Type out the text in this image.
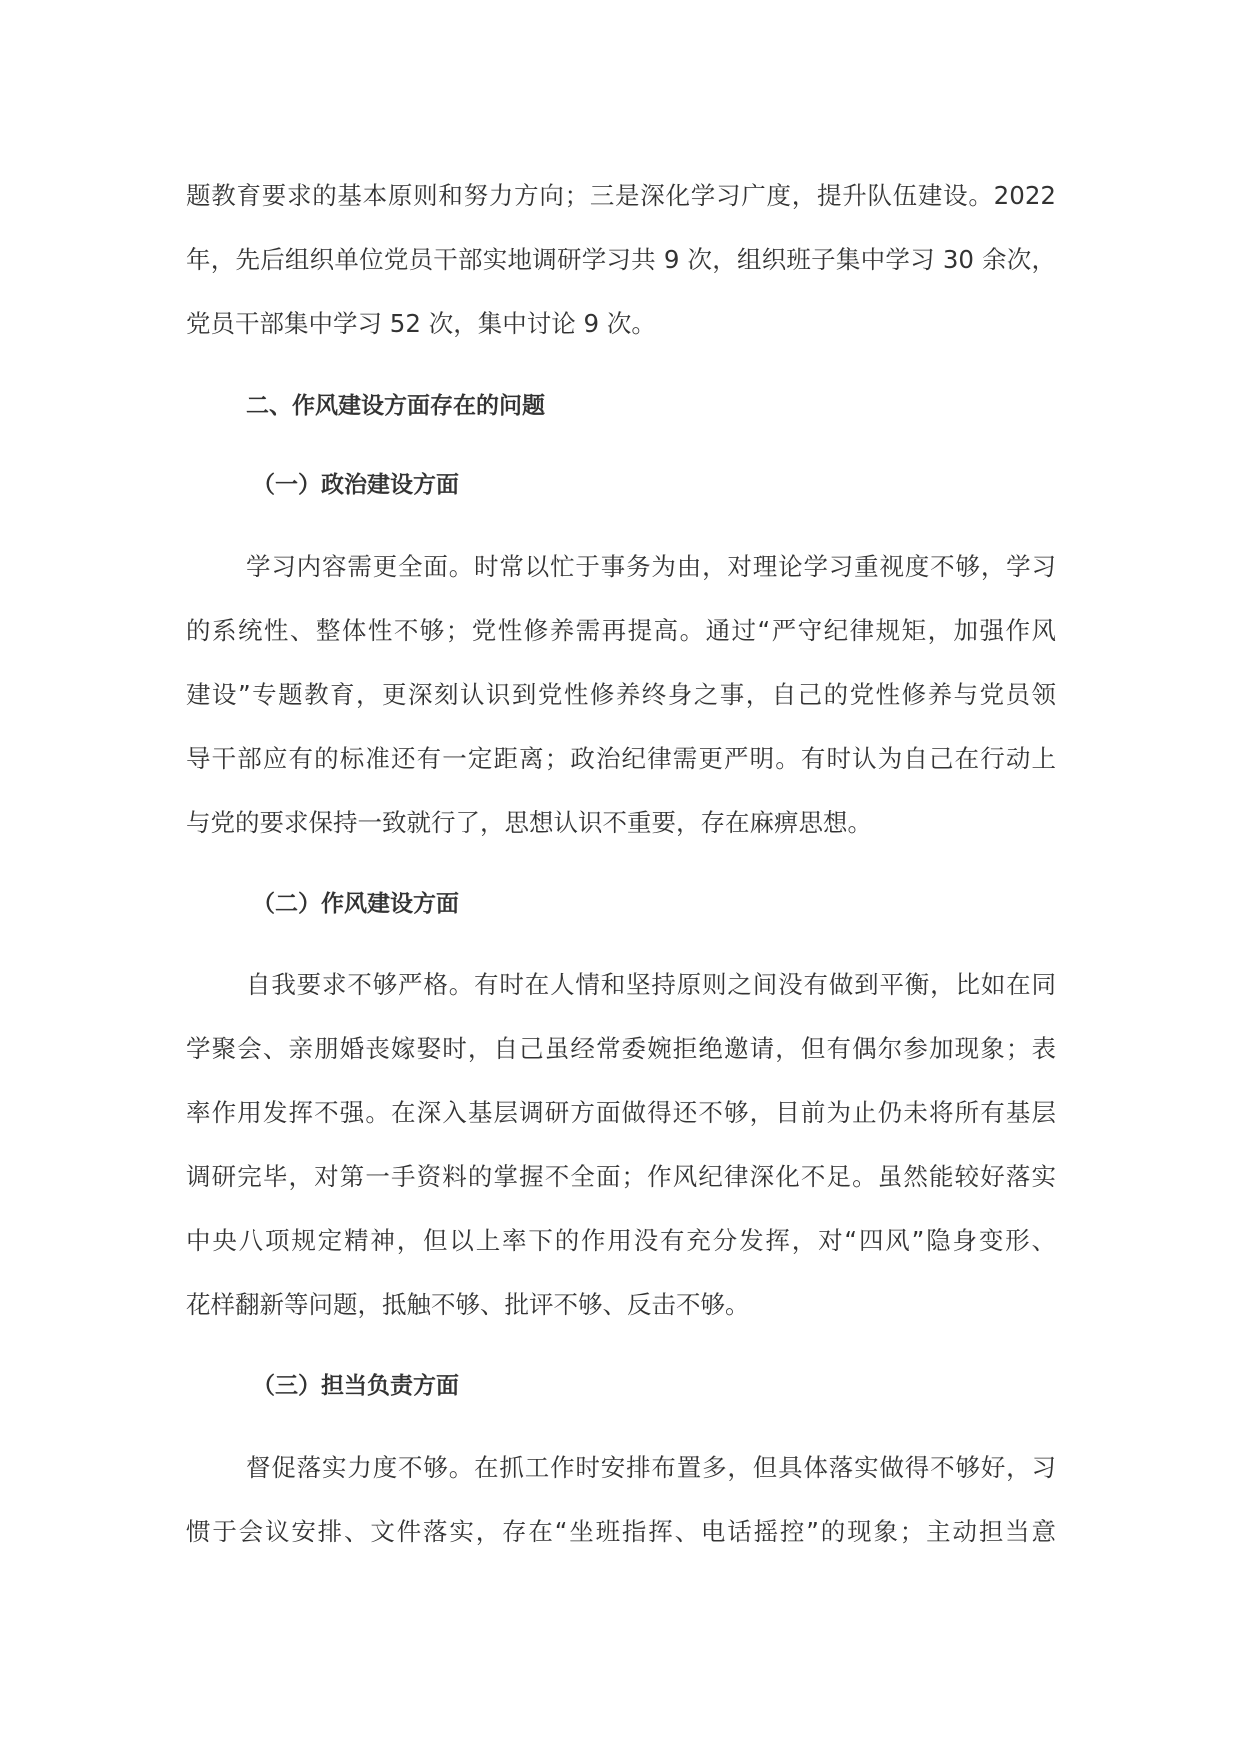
题教育要求的基本原则和努力方向；三是深化学习广度，提升队伍建设。2022
年，先后组织单位党员干部实地调研学习共 9 次，组织班子集中学习 30 余次，
党员干部集中学习 52 次，集中讨论 9 次。
二、作风建设方面存在的问题
（一）政治建设方面
学习内容需更全面。时常以忙于事务为由，对理论学习重视度不够，学习
的系统性、整体性不够；党性修养需再提高。通过“严守纪律规矩，加强作风
建设”专题教育，更深刻认识到党性修养终身之事，自己的党性修养与党员领
导干部应有的标准还有一定距离；政治纪律需更严明。有时认为自己在行动上
与党的要求保持一致就行了，思想认识不重要，存在麻痹思想。
（二）作风建设方面
自我要求不够严格。有时在人情和坚持原则之间没有做到平衡，比如在同
学聚会、亲朋婚丧嫁娶时，自己虽经常委婉拒绝邀请，但有偶尔参加现象；表
率作用发挥不强。在深入基层调研方面做得还不够，目前为止仍未将所有基层
调研完毕，对第一手资料的掌握不全面；作风纪律深化不足。虽然能较好落实
中央八项规定精神，但以上率下的作用没有充分发挥，对“四风”隐身变形、
花样翻新等问题，抵触不够、批评不够、反击不够。
（三）担当负责方面
督促落实力度不够。在抓工作时安排布置多，但具体落实做得不够好，习
惯于会议安排、文件落实，存在“坐班指挥、电话摇控”的现象；主动担当意
